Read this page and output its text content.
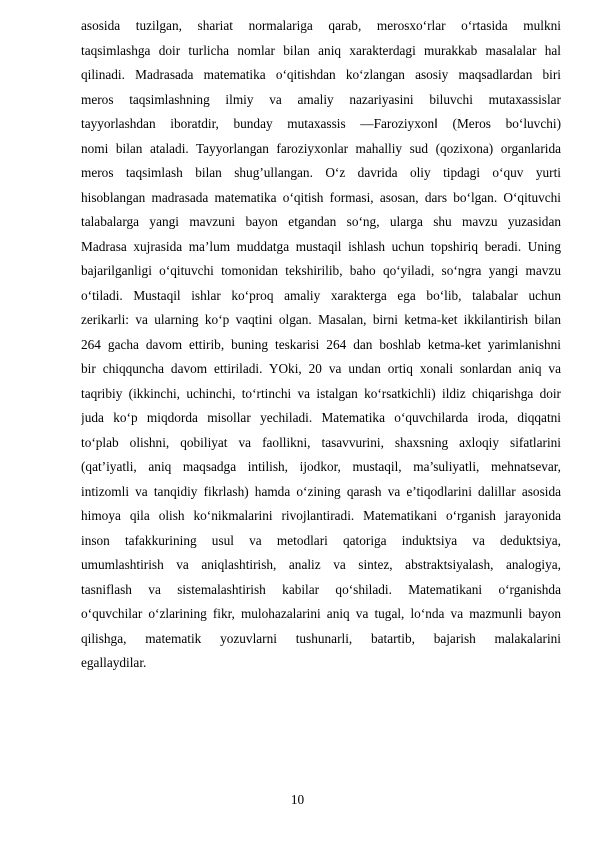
asosida tuzilgan, shariat normalariga qarab, merosxo‘rlar o‘rtasida mulkni
taqsimlashga doir turlicha nomlar bilan aniq xarakterdagi murakkab masalalar hal
qilinadi. Madrasada matematika o‘qitishdan ko‘zlangan asosiy maqsadlardan biri
meros taqsimlashning ilmiy va amaliy nazariyasini biluvchi mutaxassislar
tayyorlashdan iboratdir, bunday mutaxassis ―Faroziyxon‖ (Meros bo‘luvchi)
nomi bilan ataladi. Tayyorlangan faroziyxonlar mahalliy sud (qozixona) organlarida
meros taqsimlash bilan shug’ullangan. O‘z davrida oliy tipdagi o‘quv yurti
hisoblangan madrasada matematika o‘qitish formasi, asosan, dars bo‘lgan. O‘qituvchi
talabalarga yangi mavzuni bayon etgandan so‘ng, ularga shu mavzu yuzasidan
Madrasa xujrasida ma’lum muddatga mustaqil ishlash uchun topshiriq beradi. Uning
bajarilganligi o‘qituvchi tomonidan tekshirilib, baho qo‘yiladi, so‘ngra yangi mavzu
o‘tiladi. Mustaqil ishlar ko‘proq amaliy xarakterga ega bo‘lib, talabalar uchun
zerikarli: va ularning ko‘p vaqtini olgan. Masalan, birni ketma-ket ikkilantirish bilan
264 gacha davom ettirib, buning teskarisi 264 dan boshlab ketma-ket yarimlanishni
bir chiqquncha davom ettiriladi. YOki, 20 va undan ortiq xonali sonlardan aniq va
taqribiy (ikkinchi, uchinchi, to‘rtinchi va istalgan ko‘rsatkichli) ildiz chiqarishga doir
juda ko‘p miqdorda misollar yechiladi. Matematika o‘quvchilarda iroda, diqqatni
to‘plab olishni, qobiliyat va faollikni, tasavvurini, shaxsning axloqiy sifatlarini
(qat’iyatli, aniq maqsadga intilish, ijodkor, mustaqil, ma’suliyatli, mehnatsevar,
intizomli va tanqidiy fikrlash) hamda o‘zining qarash va e’tiqodlarini dalillar asosida
himoya qila olish ko‘nikmalarini rivojlantiradi. Matematikani o‘rganish jarayonida
inson tafakkurining usul va metodlari qatoriga induktsiya va deduktsiya,
umumlashtirish va aniqlashtirish, analiz va sintez, abstraktsiyalash, analogiya,
tasniflash va sistemalashtirish kabilar qo‘shiladi. Matematikani o‘rganishda
o‘quvchilar o‘zlarining fikr, mulohazalarini aniq va tugal, lo‘nda va mazmunli bayon
qilishga, matematik yozuvlarni tushunarli, batartib, bajarish malakalarini
egallaydilar.
10
